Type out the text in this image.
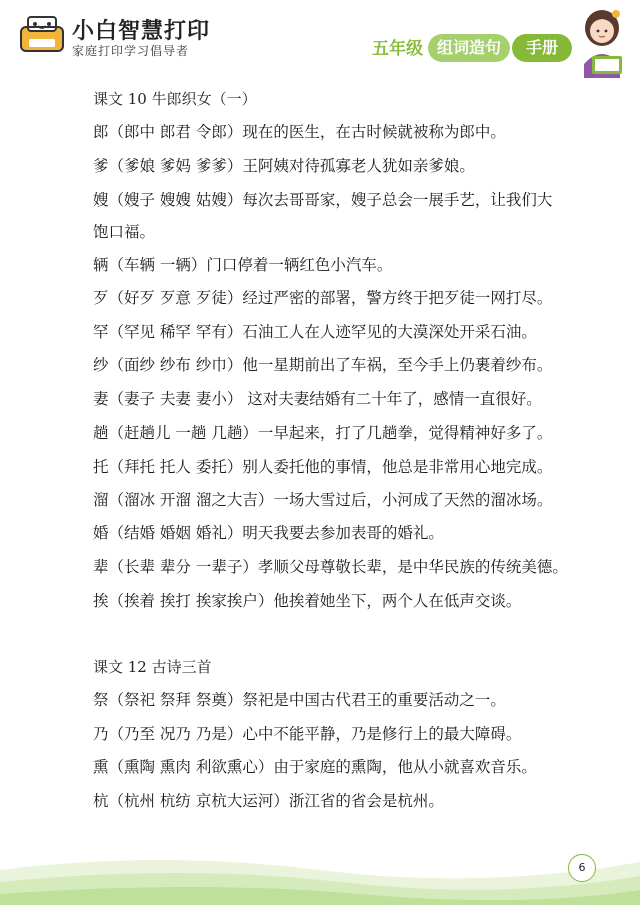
小白智慧打印
家庭打印学习倡导者	五年级 组词造句	手册
课文 10 牛郎织女（一）
郎（郎中 郎君 令郎）现在的医生，在古时候就被称为郎中。
爹（爹娘 爹妈 爹爹）王阿姨对待孤寡老人犹如亲爹娘。
嫂（嫂子 嫂嫂 姑嫂）每次去哥哥家，嫂子总会一展手艺，让我们大
饱口福。
辆（车辆 一辆）门口停着一辆红色小汽车。
歹（好歹 歹意 歹徒）经过严密的部署，警方终于把歹徒一网打尽。
罕（罕见 稀罕 罕有）石油工人在人迹罕见的大漠深处开采石油。
纱（面纱 纱布 纱巾）他一星期前出了车祸，至今手上仍裹着纱布。
妻（妻子 夫妻 妻小） 这对夫妻结婚有二十年了，感情一直很好。
趟（赶趟儿 一趟 几趟）一早起来，打了几趟拳，觉得精神好多了。
托（拜托 托人 委托）别人委托他的事情，他总是非常用心地完成。
溜（溜冰 开溜 溜之大吉）一场大雪过后，小河成了天然的溜冰场。
婚（结婚 婚姻 婚礼）明天我要去参加表哥的婚礼。
辈（长辈 辈分 一辈子）孝顺父母尊敬长辈，是中华民族的传统美德。
挨（挨着 挨打 挨家挨户）他挨着她坐下，两个人在低声交谈。
课文 12 古诗三首
祭（祭祀 祭拜 祭奠）祭祀是中国古代君王的重要活动之一。
乃（乃至 况乃 乃是）心中不能平静，乃是修行上的最大障碍。
熏（熏陶 熏肉 利欲熏心）由于家庭的熏陶，他从小就喜欢音乐。
杭（杭州 杭纺 京杭大运河）浙江省的省会是杭州。
6
